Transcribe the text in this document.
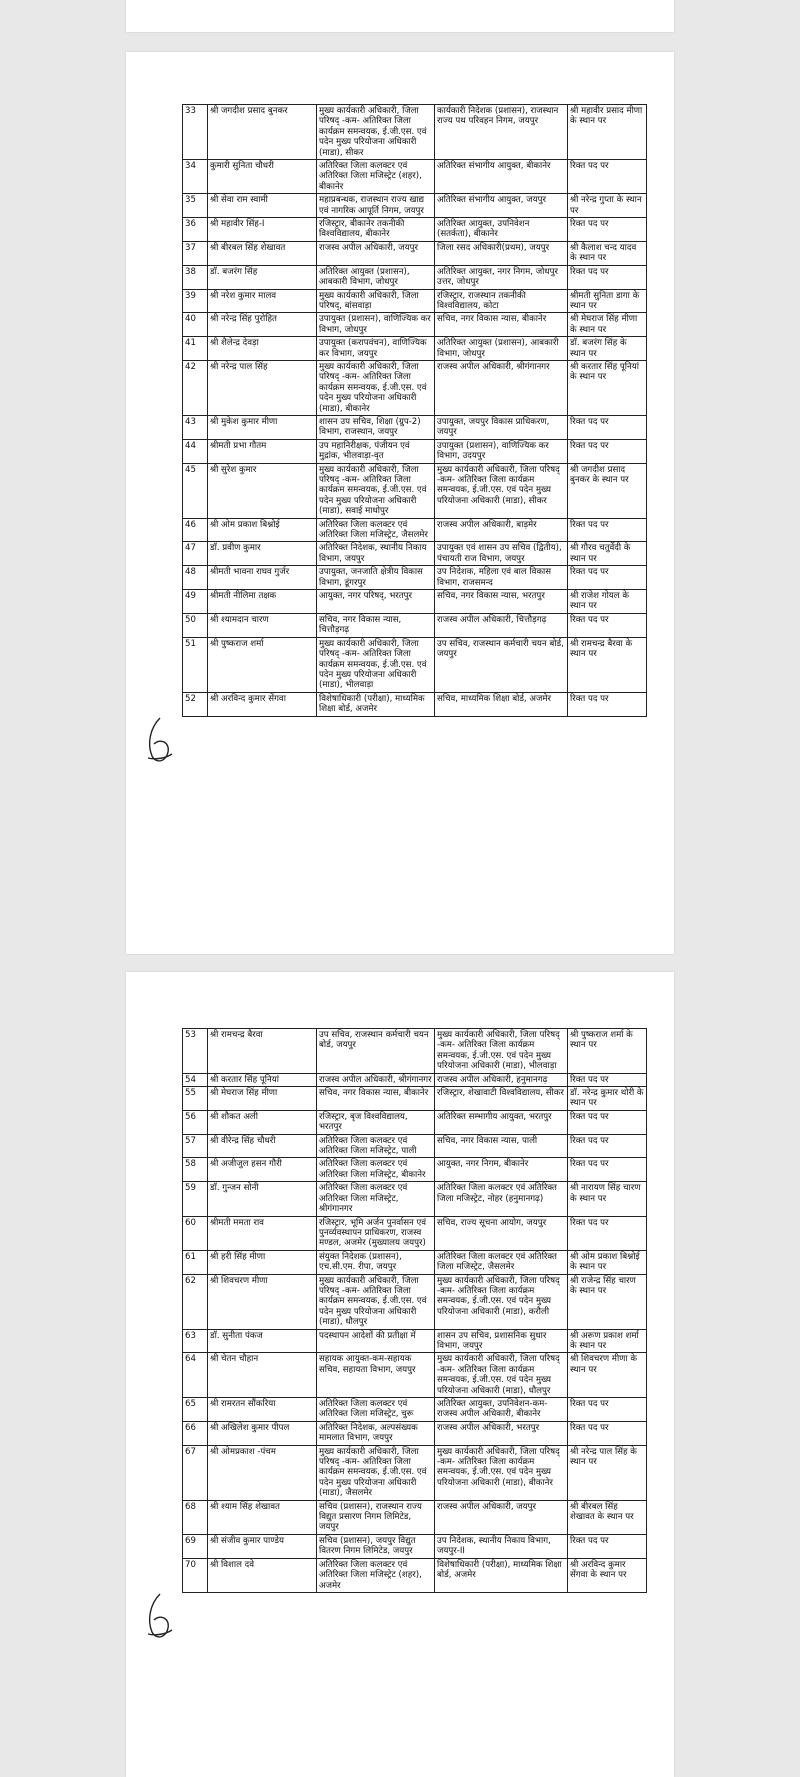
33	श्री जगदीश प्रसाद बुनकर	मुख्य कार्यकारी अधिकारी, जिला परिषद् -कम- अतिरिक्त जिला कार्यक्रम समन्वयक, ई.जी.एस. एवं पदेन मुख्य परियोजना अधिकारी (माडा), सीकर	कार्यकारी निदेशक (प्रशासन), राजस्थान राज्य पथ परिवहन निगम, जयपुर	श्री महावीर प्रसाद मीणा के स्थान पर
34	कुमारी सुनिता चौधरी	अतिरिक्त जिला कलक्टर एवं अतिरिक्त जिला मजिस्ट्रेट (शहर), बीकानेर	अतिरिक्त संभागीय आयुक्त, बीकानेर	रिक्त पद पर
35	श्री सेवा राम स्वामी	महाप्रबन्धक, राजस्थान राज्य खाद्य एवं नागरिक आपूर्ति निगम, जयपुर	अतिरिक्त संभागीय आयुक्त, जयपुर	श्री नरेन्द्र गुप्ता के स्थान पर
36	श्री महावीर सिंह-I	रजिस्ट्रार, बीकानेर तकनीकी विश्वविद्यालय, बीकानेर	अतिरिक्त आयुक्त, उपनिवेशन (सतर्कता), बीकानेर	रिक्त पद पर
37	श्री बीरबल सिंह शेखावत	राजस्व अपील अधिकारी, जयपुर	जिला रसद अधिकारी(प्रथम), जयपुर	श्री कैलाश चन्द यादव के स्थान पर
38	डॉ. बजरंग सिंह	अतिरिक्त आयुक्त (प्रशासन), आबकारी विभाग, जोधपुर	अतिरिक्त आयुक्त, नगर निगम, जोधपुर उत्तर, जोधपुर	रिक्त पद पर
39	श्री नरेश कुमार मालव	मुख्य कार्यकारी अधिकारी, जिला परिषद्, बांसवाड़ा	रजिस्ट्रार, राजस्थान तकनीकी विश्वविद्यालय, कोटा	श्रीमती सुनिता डागा के स्थान पर
40	श्री नरेन्द्र सिंह पुरोहित	उपायुक्त (प्रशासन), वाणिज्यिक कर विभाग, जोधपुर	सचिव, नगर विकास न्यास, बीकानेर	श्री मेघराज सिंह मीणा के स्थान पर
41	श्री शैलेन्द्र देवड़ा	उपायुक्त (करापवंचन), वाणिज्यिक कर विभाग, जयपुर	अतिरिक्त आयुक्त (प्रशासन), आबकारी विभाग, जोधपुर	डॉ. बजरंग सिंह के स्थान पर
42	श्री नरेन्द्र पाल सिंह	मुख्य कार्यकारी अधिकारी, जिला परिषद् -कम- अतिरिक्त जिला कार्यक्रम समन्वयक, ई.जी.एस. एवं पदेन मुख्य परियोजना अधिकारी (माडा), बीकानेर	राजस्व अपील अधिकारी, श्रीगंगानगर	श्री करतार सिंह पूनियां के स्थान पर
43	श्री मुकेश कुमार मीणा	शासन उप सचिव, शिक्षा (ग्रुप-2) विभाग, राजस्थान, जयपुर	उपायुक्त, जयपुर विकास प्राधिकरण, जयपुर	रिक्त पद पर
44	श्रीमती प्रभा गौतम	उप महानिरीक्षक, पंजीयन एवं मुद्रांक, भीलवाड़ा-वृत	उपायुक्त (प्रशासन), वाणिज्यिक कर विभाग, उदयपुर	रिक्त पद पर
45	श्री सुरेश कुमार	मुख्य कार्यकारी अधिकारी, जिला परिषद् -कम- अतिरिक्त जिला कार्यक्रम समन्वयक, ई.जी.एस. एवं पदेन मुख्य परियोजना अधिकारी (माडा), सवाई माधोपुर	मुख्य कार्यकारी अधिकारी, जिला परिषद् -कम- अतिरिक्त जिला कार्यक्रम समन्वयक, ई.जी.एस. एवं पदेन मुख्य परियोजना अधिकारी (माडा), सीकर	श्री जगदीश प्रसाद बुनकर के स्थान पर
46	श्री ओम प्रकाश बिश्नोई	अतिरिक्त जिला कलक्टर एवं अतिरिक्त जिला मजिस्ट्रेट, जैसलमेर	राजस्व अपील अधिकारी, बाड़मेर	रिक्त पद पर
47	डॉ. प्रवीण कुमार	अतिरिक्त निदेशक, स्थानीय निकाय विभाग, जयपुर	उपायुक्त एवं शासन उप सचिव (द्वितीय), पंचायती राज विभाग, जयपुर	श्री गौरव चतुर्वेदी के स्थान पर
48	श्रीमती भावना राघव गुर्जर	उपायुक्त, जनजाति क्षेत्रीय विकास विभाग, डूंगरपुर	उप निदेशक, महिला एवं बाल विकास विभाग, राजसमन्द	रिक्त पद पर
49	श्रीमती नीलिमा तक्षक	आयुक्त, नगर परिषद्, भरतपुर	सचिव, नगर विकास न्यास, भरतपुर	श्री राजेश गोयल के स्थान पर
50	श्री श्यामदान चारण	सचिव, नगर विकास न्यास, चित्तौड़गढ़	राजस्व अपील अधिकारी, चित्तौड़गढ़	रिक्त पद पर
51	श्री पुष्कराज शर्मा	मुख्य कार्यकारी अधिकारी, जिला परिषद् -कम- अतिरिक्त जिला कार्यक्रम समन्वयक, ई.जी.एस. एवं पदेन मुख्य परियोजना अधिकारी (माडा), भीलवाड़ा	उप सचिव, राजस्थान कर्मचारी चयन बोर्ड, जयपुर	श्री रामचन्द्र बैरवा के स्थान पर
52	श्री अरविन्द कुमार सेंगवा	विशेषाधिकारी (परीक्षा), माध्यमिक शिक्षा बोर्ड, अजमेर	सचिव, माध्यमिक शिक्षा बोर्ड, अजमेर	रिक्त पद पर
53	श्री रामचन्द्र बैरवा	उप सचिव, राजस्थान कर्मचारी चयन बोर्ड, जयपुर	मुख्य कार्यकारी अधिकारी, जिला परिषद् -कम- अतिरिक्त जिला कार्यक्रम समन्वयक, ई.जी.एस. एवं पदेन मुख्य परियोजना अधिकारी (माडा), भीलवाड़ा	श्री पुष्कराज शर्मा के स्थान पर
54	श्री करतार सिंह पूनियां	राजस्व अपील अधिकारी, श्रीगंगानगर	राजस्व अपील अधिकारी, हनुमानगढ़	रिक्त पद पर
55	श्री मेघराज सिंह मीणा	सचिव, नगर विकास न्यास, बीकानेर	रजिस्ट्रार, शेखावाटी विश्वविद्यालय, सीकर	डॉ. नरेन्द्र कुमार थोरी के स्थान पर
56	श्री शौकत अली	रजिस्ट्रार, बृज विश्वविद्यालय, भरतपुर	अतिरिक्त सम्भागीय आयुक्त, भरतपुर	रिक्त पद पर
57	श्री वीरेन्द्र सिंह चौधरी	अतिरिक्त जिला कलक्टर एवं अतिरिक्त जिला मजिस्ट्रेट, पाली	सचिव, नगर विकास न्यास, पाली	रिक्त पद पर
58	श्री अजीजुल हसन गौरी	अतिरिक्त जिला कलक्टर एवं अतिरिक्त जिला मजिस्ट्रेट, बीकानेर	आयुक्त, नगर निगम, बीकानेर	रिक्त पद पर
59	डॉ. गुन्जन सोनी	अतिरिक्त जिला कलक्टर एवं अतिरिक्त जिला मजिस्ट्रेट, श्रीगंगानगर	अतिरिक्त जिला कलक्टर एवं अतिरिक्त जिला मजिस्ट्रेट, नोहर (हनुमानगढ़)	श्री नारायण सिंह चारण के स्थान पर
60	श्रीमती ममता राव	रजिस्ट्रार, भूमि अर्जन पुनर्वासन एवं पुनर्व्यवस्थापन प्राधिकरण, राजस्व मण्डल, अजमेर (मुख्यालय जयपुर)	सचिव, राज्य सूचना आयोग, जयपुर	रिक्त पद पर
61	श्री हरी सिंह मीणा	संयुक्त निदेशक (प्रशासन), एच.सी.एम. रीपा, जयपुर	अतिरिक्त जिला कलक्टर एवं अतिरिक्त जिला मजिस्ट्रेट, जैसलमेर	श्री ओम प्रकाश बिश्नोई के स्थान पर
62	श्री शिवचरण मीणा	मुख्य कार्यकारी अधिकारी, जिला परिषद् -कम- अतिरिक्त जिला कार्यक्रम समन्वयक, ई.जी.एस. एवं पदेन मुख्य परियोजना अधिकारी (माडा), धौलपुर	मुख्य कार्यकारी अधिकारी, जिला परिषद् -कम- अतिरिक्त जिला कार्यक्रम समन्वयक, ई.जी.एस. एवं पदेन मुख्य परियोजना अधिकारी (माडा), करौली	श्री राजेन्द्र सिंह चारण के स्थान पर
63	डॉ. सुनीता पंकज	पदस्थापन आदेशों की प्रतीक्षा में	शासन उप सचिव, प्रशासनिक सुधार विभाग, जयपुर	श्री अरूण प्रकाश शर्मा के स्थान पर
64	श्री चेतन चौहान	सहायक आयुक्त-कम-सहायक सचिव, सहायता विभाग, जयपुर	मुख्य कार्यकारी अधिकारी, जिला परिषद् -कम- अतिरिक्त जिला कार्यक्रम समन्वयक, ई.जी.एस. एवं पदेन मुख्य परियोजना अधिकारी (माडा), धौलपुर	श्री शिवचरण मीणा के स्थान पर
65	श्री रामरतन सौंकरिया	अतिरिक्त जिला कलक्टर एवं अतिरिक्त जिला मजिस्ट्रेट, चुरू	अतिरिक्त आयुक्त, उपनिवेशन-कम-राजस्व अपील अधिकारी, बीकानेर	रिक्त पद पर
66	श्री अखिलेश कुमार पीपल	अतिरिक्त निदेशक, अल्पसंख्यक मामलात विभाग, जयपुर	राजस्व अपील अधिकारी, भरतपुर	रिक्त पद पर
67	श्री ओमप्रकाश -पंचम	मुख्य कार्यकारी अधिकारी, जिला परिषद् -कम- अतिरिक्त जिला कार्यक्रम समन्वयक, ई.जी.एस. एवं पदेन मुख्य परियोजना अधिकारी (माडा), जैसलमेर	मुख्य कार्यकारी अधिकारी, जिला परिषद् -कम- अतिरिक्त जिला कार्यक्रम समन्वयक, ई.जी.एस. एवं पदेन मुख्य परियोजना अधिकारी (माडा), बीकानेर	श्री नरेन्द्र पाल सिंह के स्थान पर
68	श्री श्याम सिंह शेखावत	सचिव (प्रशासन), राजस्थान राज्य विद्युत प्रसारण निगम लिमिटेड, जयपुर	राजस्व अपील अधिकारी, जयपुर	श्री बीरबल सिंह शेखावत के स्थान पर
69	श्री संजीव कुमार पाण्डेय	सचिव (प्रशासन), जयपुर विद्युत वितरण निगम लिमिटेड, जयपुर	उप निदेशक, स्थानीय निकाय विभाग, जयपुर-II	रिक्त पद पर
70	श्री विशाल दवे	अतिरिक्त जिला कलक्टर एवं अतिरिक्त जिला मजिस्ट्रेट (शहर), अजमेर	विशेषाधिकारी (परीक्षा), माध्यमिक शिक्षा बोर्ड, अजमेर	श्री अरविन्द कुमार सेंगवा के स्थान पर
